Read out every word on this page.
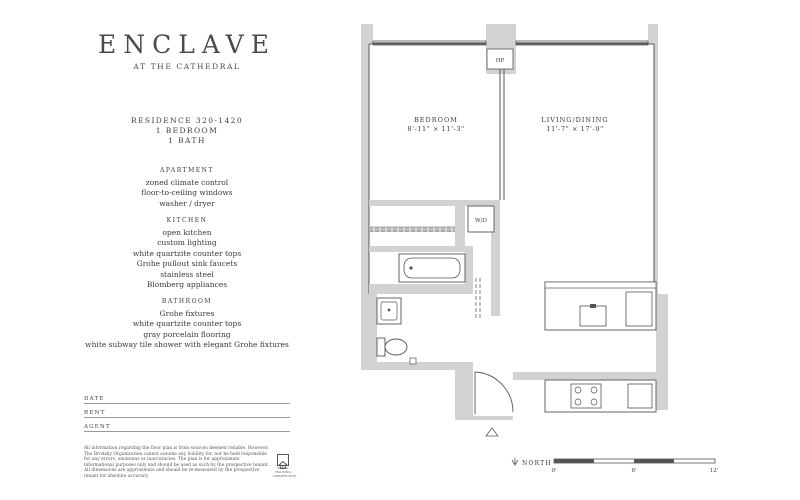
ENCLAVE
AT THE CATHEDRAL
RESIDENCE 320-1420
1 BEDROOM
1 BATH
APARTMENT
zoned climate control
floor-to-ceiling windows
washer / dryer
KITCHEN
open kitchen
custom lighting
white quartzite counter tops
Grohe pullout sink faucets
stainless steel
Blomberg appliances
BATHROOM
Grohe fixtures
white quartzite counter tops
gray porcelain flooring
white subway tile shower with elegant Grohe fixtures
DATE
RENT
AGENT
All information regarding the floor plan is from sources deemed reliable. However, The Brodsky Organization cannot assume any liability for, nor be held responsible for any errors, omissions or inaccuracies. The plan is for approximate informational purposes only and should be used as such by the prospective tenant. All dimensions are approximate and should be re-measured by the prospective tenant for absolute accuracy.
EQUAL HOUSING OPPORTUNITY
BEDROOM
8'-11" × 11'-3"
LIVING/DINING
11'-7" × 17'-9"
HP
W/D
NORTH
0'	6'	12'
